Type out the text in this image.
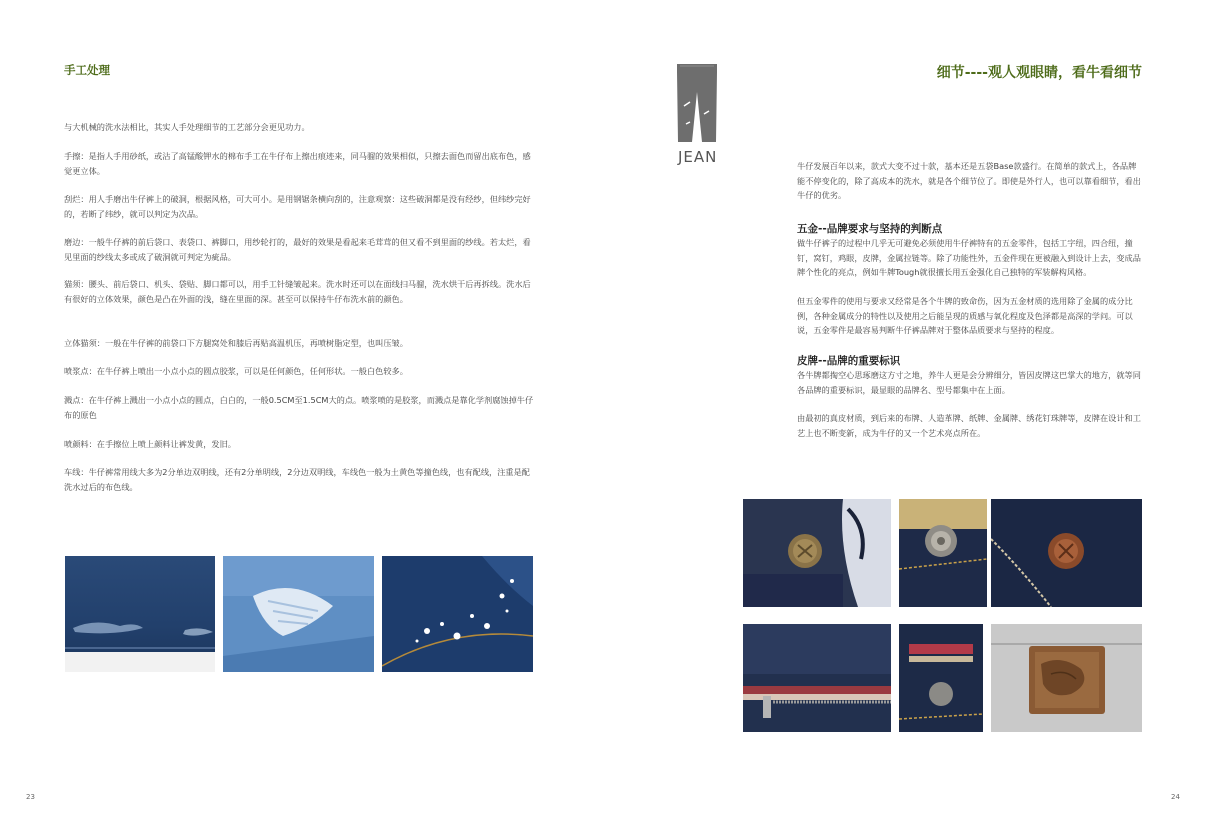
手工处理

与大机械的洗水法相比，其实人手处理细节的工艺部分会更见功力。

手擦：是指人手用砂纸，或沾了高锰酸钾水的棉布手工在牛仔布上擦出痕迹来，同马骝的效果相似，只擦去面色而留出底布色，感觉更立体。

刮烂：用人手磨出牛仔裤上的破洞，根据风格，可大可小。是用钢锯条横向刮的，注意观察：这些破洞都是没有经纱，但纬纱完好的，若断了纬纱，就可以判定为次品。

磨边：一般牛仔裤的前后袋口、表袋口、裤脚口，用纱轮打的，最好的效果是看起来毛茸茸的但又看不到里面的纱线。若太烂，看见里面的纱线太多或成了破洞就可判定为疵品。

猫须：腰头、前后袋口、机头、袋贴、脚口都可以，用手工针缝皱起来。洗水时还可以在面线扫马骝，洗水烘干后再拆线。洗水后有很好的立体效果，颜色是凸在外面的浅，缝在里面的深。甚至可以保持牛仔布洗水前的颜色。

立体猫须：一般在牛仔裤的前袋口下方腿窝处和膝后再贴高温机压，再喷树脂定型，也叫压皱。

喷浆点：在牛仔裤上喷出一小点小点的圆点胶浆，可以是任何颜色，任何形状。一般白色较多。

溅点：在牛仔裤上溅出一小点小点的圆点，白白的，一般0.5CM至1.5CM大的点。喷浆喷的是胶浆，而溅点是靠化学剂腐蚀掉牛仔布的原色

喷颜料：在手擦位上喷上颜料让裤发黄，发旧。

车线：牛仔裤常用线大多为2分单边双明线，还有2分单明线，2分边双明线，车线色一般为土黄色等撞色线，也有配线，注重是配洗水过后的布色线。

23
JEAN
细节----观人观眼睛，看牛看细节

牛仔发展百年以来，款式大变不过十款，基本还是五袋Base款盛行。在简单的款式上，各品牌能不停变化的，除了高成本的洗水，就是各个细节位了。即使是外行人，也可以靠看细节，看出牛仔的优劣。

五金--品牌要求与坚持的判断点

做牛仔裤子的过程中几乎无可避免必须使用牛仔裤特有的五金零件，包括工字纽，四合纽，撞钉，窝钉，鸡眼，皮牌，金属拉链等。除了功能性外，五金件现在更被融入到设计上去，变成品牌个性化的亮点，例如牛牌Tough就很擅长用五金强化自己独特的军装解构风格。

但五金零件的使用与要求又经常是各个牛牌的致命伤，因为五金材质的选用除了金属的成分比例，各种金属成分的特性以及使用之后能呈现的质感与氧化程度及色泽都是高深的学问。可以说，五金零件是最容易判断牛仔裤品牌对于整体品质要求与坚持的程度。

皮牌--品牌的重要标识

各牛牌都掏空心思琢磨这方寸之地，养牛人更是会分辨细分，皆因皮牌这巴掌大的地方，就等同各品牌的重要标识，最显眼的品牌名、型号都集中在上面。

由最初的真皮材质，到后来的布牌、人造革牌、纸牌、金属牌、绣花钉珠牌等，皮牌在设计和工艺上也不断变新，成为牛仔的又一个艺术亮点所在。

24
